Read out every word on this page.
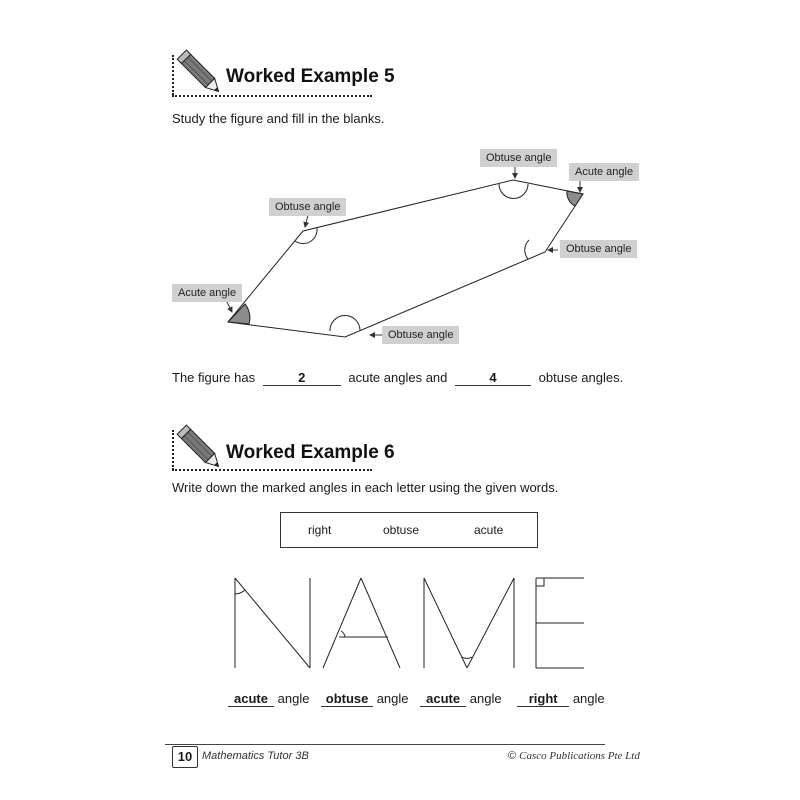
Worked Example 5
Study the figure and fill in the blanks.
Obtuse angle
Acute angle
Obtuse angle
Obtuse angle
Acute angle
Obtuse angle
The figure has	2	acute angles and	4	obtuse angles.
Worked Example 6
Write down the marked angles in each letter using the given words.
right	obtuse	acute
acute angle obtuse angle acute angle right angle
10 Mathematics Tutor 3B	© Casco Publications Pte Ltd
